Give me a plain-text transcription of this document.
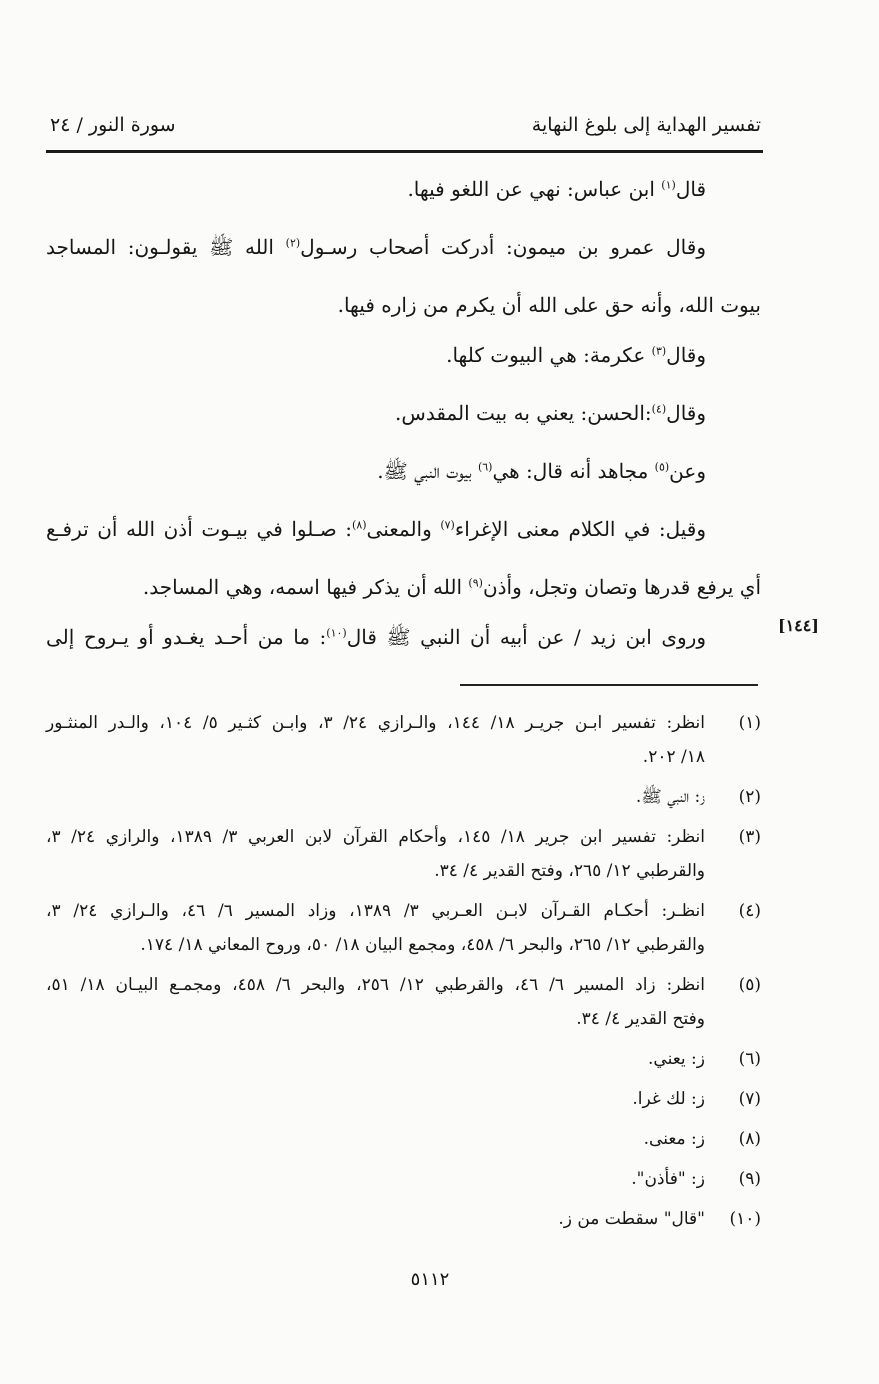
تفسير الهداية إلى بلوغ النهاية
سورة النور / ٢٤
قال$^{(١)}$ ابن عباس: نهي عن اللغو فيها.
وقال عمرو بن ميمون: أدركت أصحاب رسـول$^{(٢)}$ الله ﷺ يقولـون: المساجد
بيوت الله، وأنه حق على الله أن يكرم من زاره فيها.
وقال$^{(٣)}$ عكرمة: هي البيوت كلها.
وقال$^{(٤)}$:الحسن: يعني به بيت المقدس.
وعن$^{(٥)}$ مجاهد أنه قال: هي$^{(٦)}$ بيوت النبي ﷺ.
وقيل: في الكلام معنى الإغراء$^{(٧)}$ والمعنى$^{(٨)}$: صـلوا في بيـوت أذن الله أن ترفـع
أي يرفع قدرها وتصان وتجل، وأذن$^{(٩)}$ الله أن يذكر فيها اسمه، وهي المساجد.
وروى ابن زيد / عن أبيه أن النبي ﷺ قال$^{(١٠)}$: ما من أحـد يغـدو أو يـروح إلى	[١٤٤]
(١)
انظر: تفسير ابـن جريـر ١٨/ ١٤٤، والـرازي ٢٤/ ٣، وابـن كثـير ٥/ ١٠٤، والـدر المنثـور
١٨/ ٢٠٢.
(٢)
ز: النبي ﷺ.
(٣)
انظر: تفسير ابن جرير ١٨/ ١٤٥، وأحكام القرآن لابن العربي ٣/ ١٣٨٩، والرازي ٢٤/ ٣،
والقرطبي ١٢/ ٢٦٥، وفتح القدير ٤/ ٣٤.
(٤)
انظـر: أحكـام القـرآن لابـن العـربي ٣/ ١٣٨٩، وزاد المسير ٦/ ٤٦، والـرازي ٢٤/ ٣،
والقرطبي ١٢/ ٢٦٥، والبحر ٦/ ٤٥٨، ومجمع البيان ١٨/ ٥٠، وروح المعاني ١٨/ ١٧٤.
(٥)
انظر: زاد المسير ٦/ ٤٦، والقرطبي ١٢/ ٢٥٦، والبحر ٦/ ٤٥٨، ومجمـع البيـان ١٨/ ٥١،
وفتح القدير ٤/ ٣٤.
(٦)
ز: يعني.
(٧)
ز: لك غرا.
(٨)
ز: معنى.
(٩)
ز: "فأذن".
(١٠)
"قال" سقطت من ز.
٥١١٢
